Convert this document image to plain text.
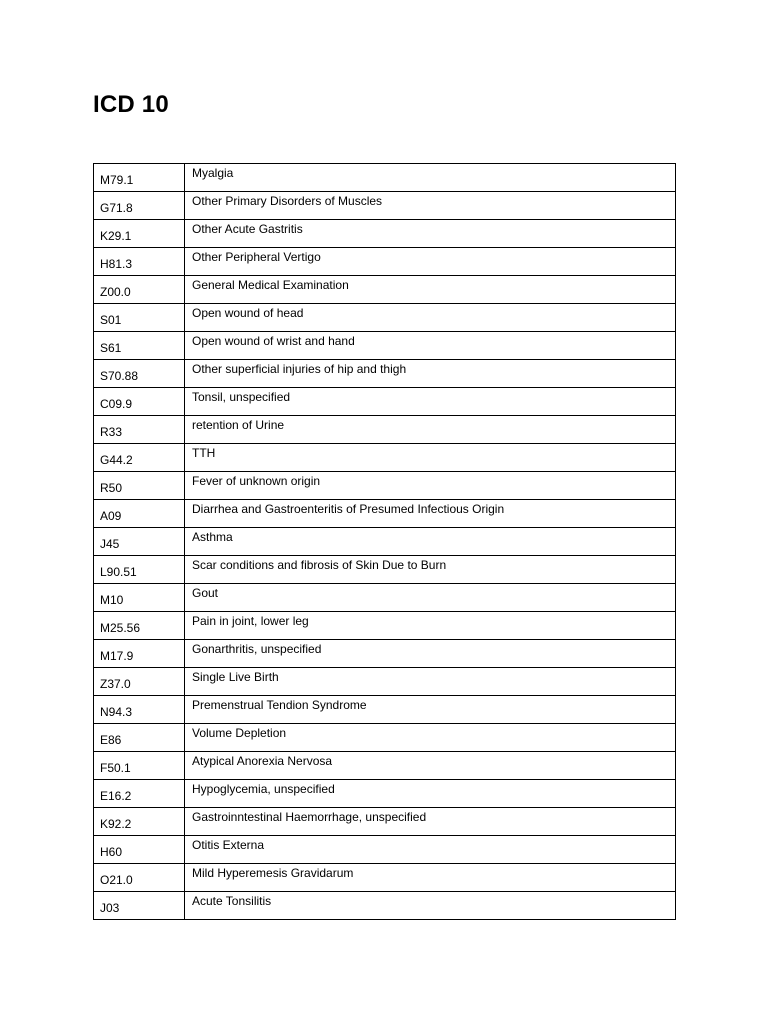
ICD 10
M79.1	Myalgia
G71.8	Other Primary Disorders of Muscles
K29.1	Other Acute Gastritis
H81.3	Other Peripheral Vertigo
Z00.0	General Medical Examination
S01	Open wound of head
S61	Open wound of wrist and hand
S70.88	Other superficial injuries of hip and thigh
C09.9	Tonsil, unspecified
R33	retention of Urine
G44.2	TTH
R50	Fever of unknown origin
A09	Diarrhea and Gastroenteritis of Presumed Infectious Origin
J45	Asthma
L90.51	Scar conditions and fibrosis of Skin Due to Burn
M10	Gout
M25.56	Pain in joint, lower leg
M17.9	Gonarthritis, unspecified
Z37.0	Single Live Birth
N94.3	Premenstrual Tendion Syndrome
E86	Volume Depletion
F50.1	Atypical Anorexia Nervosa
E16.2	Hypoglycemia, unspecified
K92.2	Gastroinntestinal Haemorrhage, unspecified
H60	Otitis Externa
O21.0	Mild Hyperemesis Gravidarum
J03	Acute Tonsilitis
